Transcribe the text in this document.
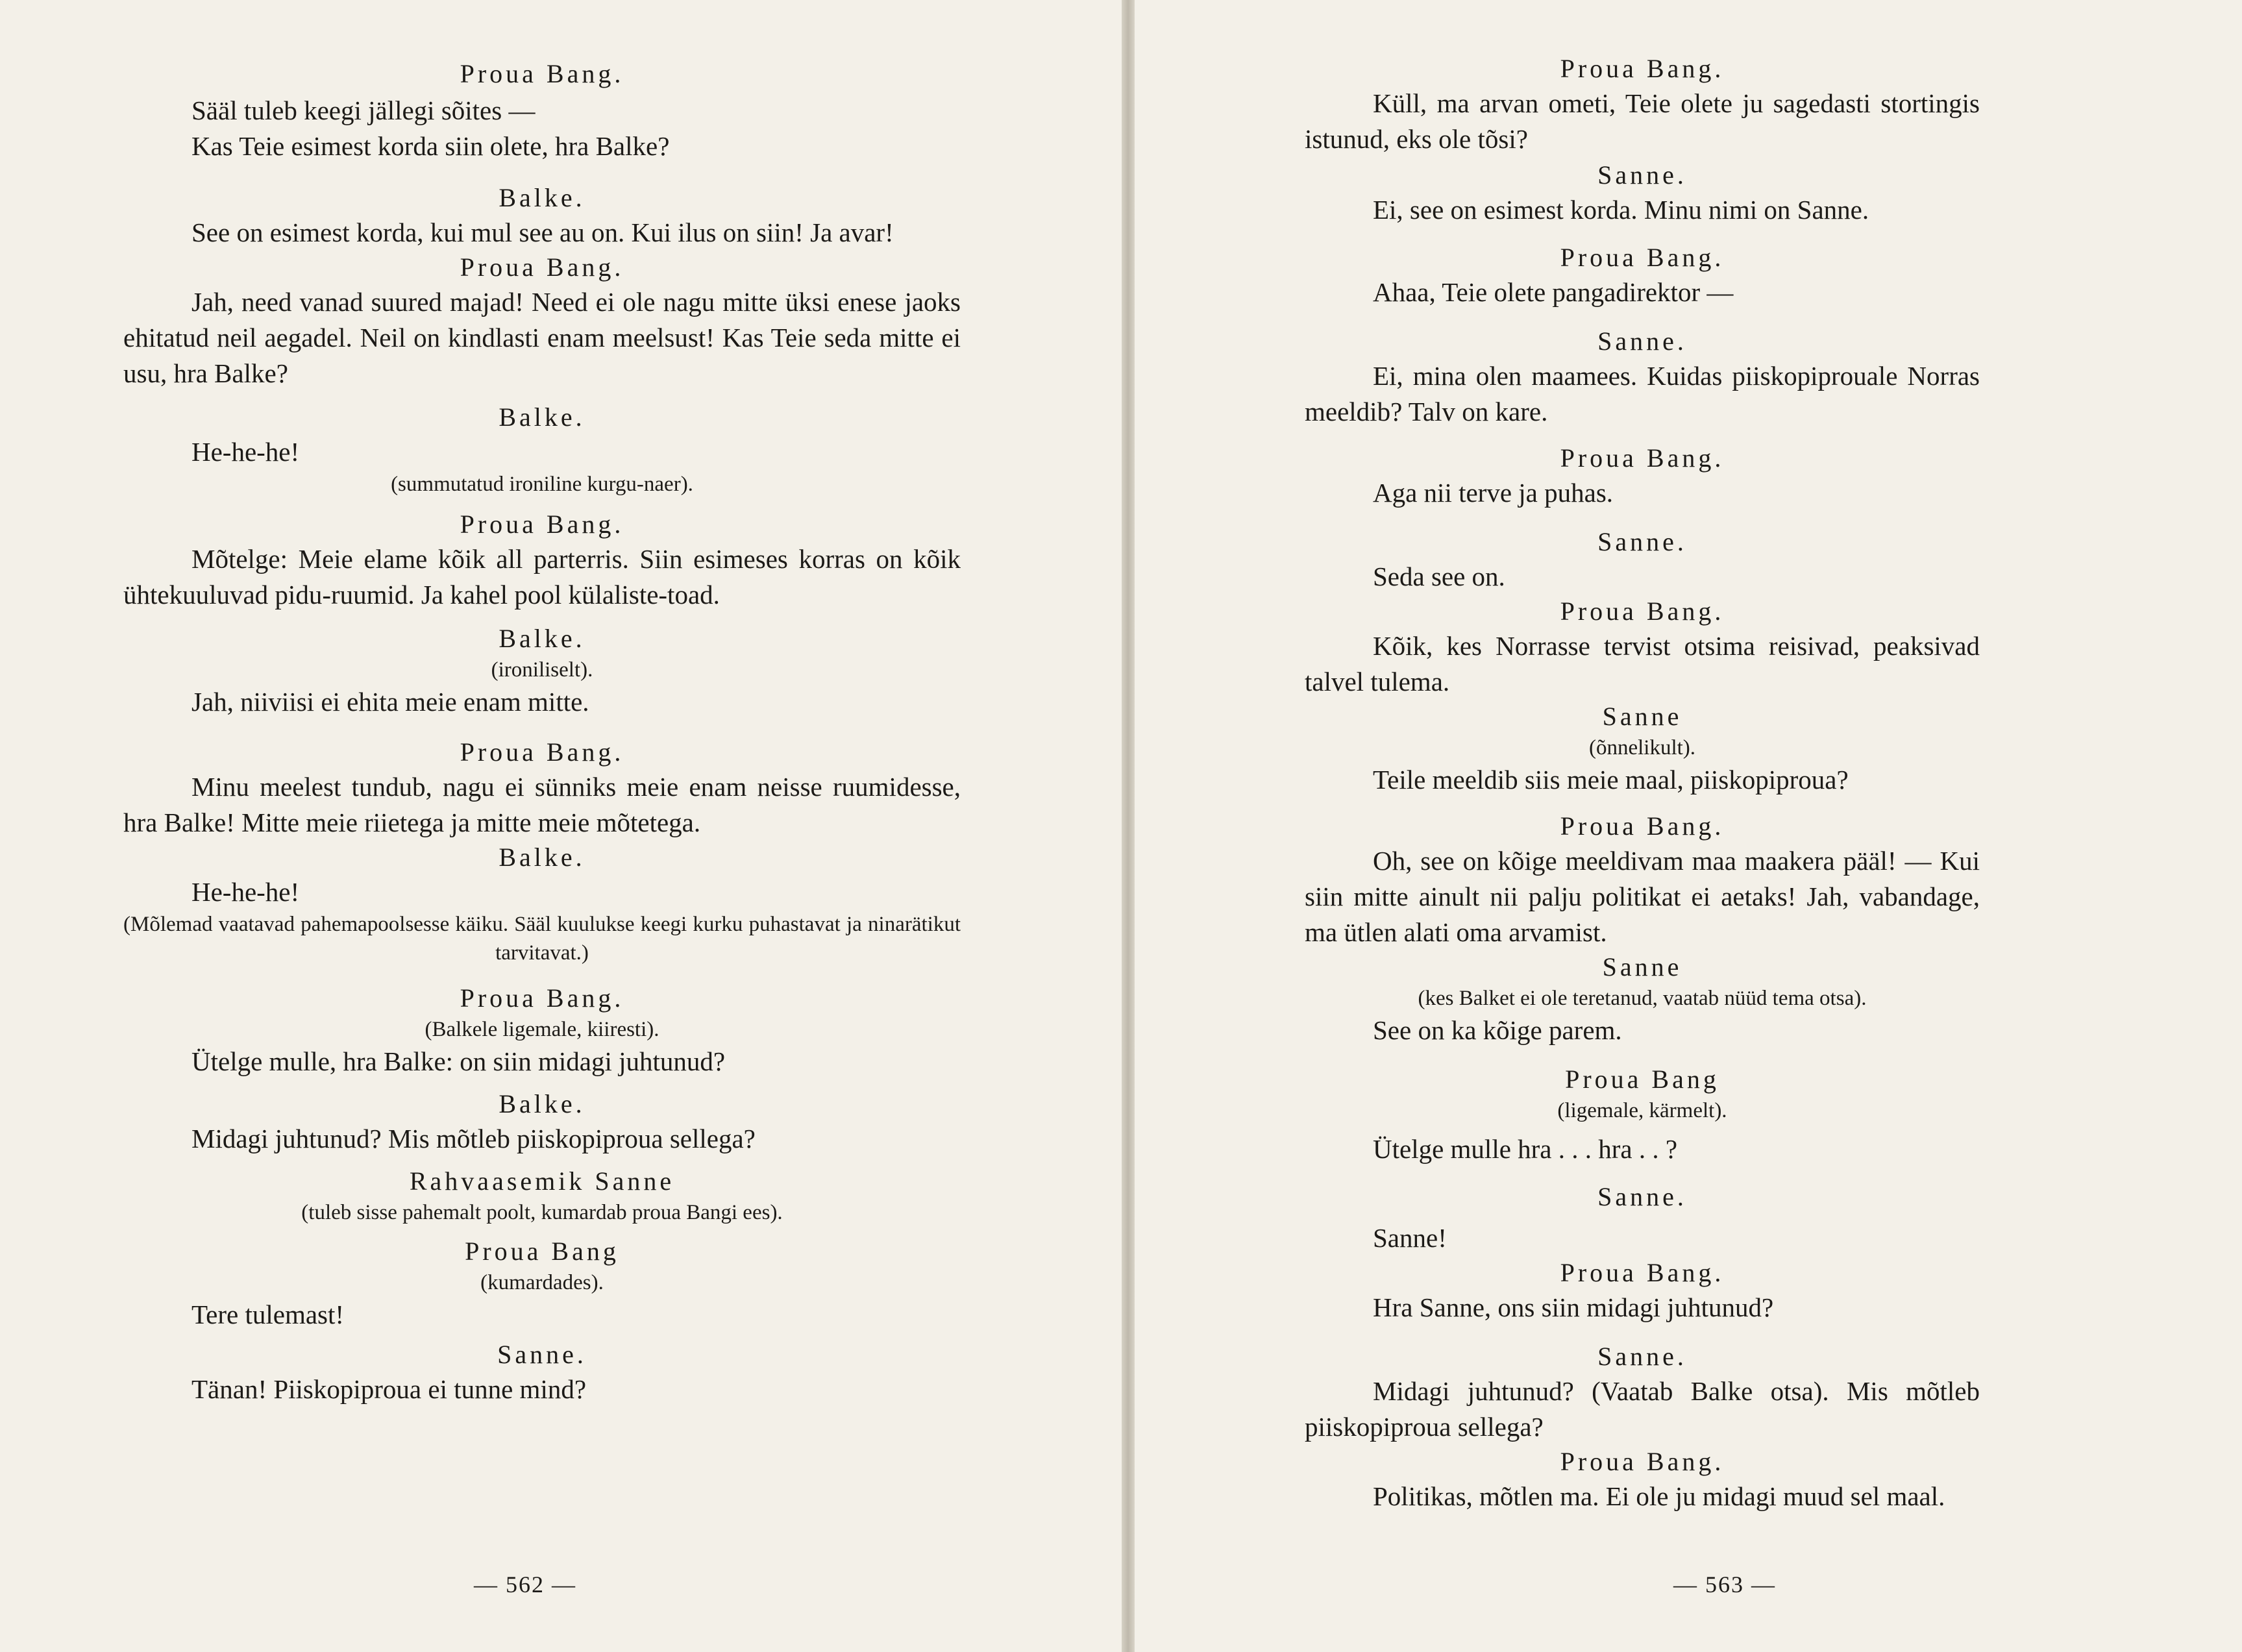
Proua Bang.
Sääl tuleb keegi jällegi sõites —
Kas Teie esimest korda siin olete, hra Balke?
Balke.
See on esimest korda, kui mul see au on. Kui ilus on siin! Ja avar!
Proua Bang.
Jah, need vanad suured majad! Need ei ole nagu mitte üksi enese jaoks ehitatud neil aegadel. Neil on kindlasti enam meelsust! Kas Teie seda mitte ei usu, hra Balke?
Balke.
He-he-he!
(summutatud ironiline kurgu-naer).
Proua Bang.
Mõtelge: Meie elame kõik all parterris. Siin esimeses korras on kõik ühtekuuluvad pidu-ruumid. Ja kahel pool külaliste-toad.
Balke.
(ironiliselt).
Jah, niiviisi ei ehita meie enam mitte.
Proua Bang.
Minu meelest tundub, nagu ei sünniks meie enam neisse ruumidesse, hra Balke! Mitte meie riietega ja mitte meie mõtetega.
Balke.
He-he-he!
(Mõlemad vaatavad pahemapoolsesse käiku. Sääl kuulukse keegi kurku puhastavat ja ninarätikut tarvitavat.)
Proua Bang.
(Balkele ligemale, kiiresti).
Ütelge mulle, hra Balke: on siin midagi juhtunud?
Balke.
Midagi juhtunud? Mis mõtleb piiskopiproua sellega?
Rahvaasemik Sanne
(tuleb sisse pahemalt poolt, kumardab proua Bangi ees).
Proua Bang
(kumardades).
Tere tulemast!
Sanne.
Tänan! Piiskopiproua ei tunne mind?
— 562 —
Proua Bang.
Küll, ma arvan ometi, Teie olete ju sagedasti stortingis istunud, eks ole tõsi?
Sanne.
Ei, see on esimest korda. Minu nimi on Sanne.
Proua Bang.
Ahaa, Teie olete pangadirektor —
Sanne.
Ei, mina olen maamees. Kuidas piiskopiprouale Norras meeldib? Talv on kare.
Proua Bang.
Aga nii terve ja puhas.
Sanne.
Seda see on.
Proua Bang.
Kõik, kes Norrasse tervist otsima reisivad, peaksivad talvel tulema.
Sanne
(õnnelikult).
Teile meeldib siis meie maal, piiskopiproua?
Proua Bang.
Oh, see on kõige meeldivam maa maakera pääl! — Kui siin mitte ainult nii palju politikat ei aetaks! Jah, vabandage, ma ütlen alati oma arvamist.
Sanne
(kes Balket ei ole teretanud, vaatab nüüd tema otsa).
See on ka kõige parem.
Proua Bang
(ligemale, kärmelt).
Ütelge mulle hra . . . hra . . ?
Sanne.
Sanne!
Proua Bang.
Hra Sanne, ons siin midagi juhtunud?
Sanne.
Midagi juhtunud? (Vaatab Balke otsa). Mis mõtleb piiskopiproua sellega?
Proua Bang.
Politikas, mõtlen ma. Ei ole ju midagi muud sel maal.
— 563 —
